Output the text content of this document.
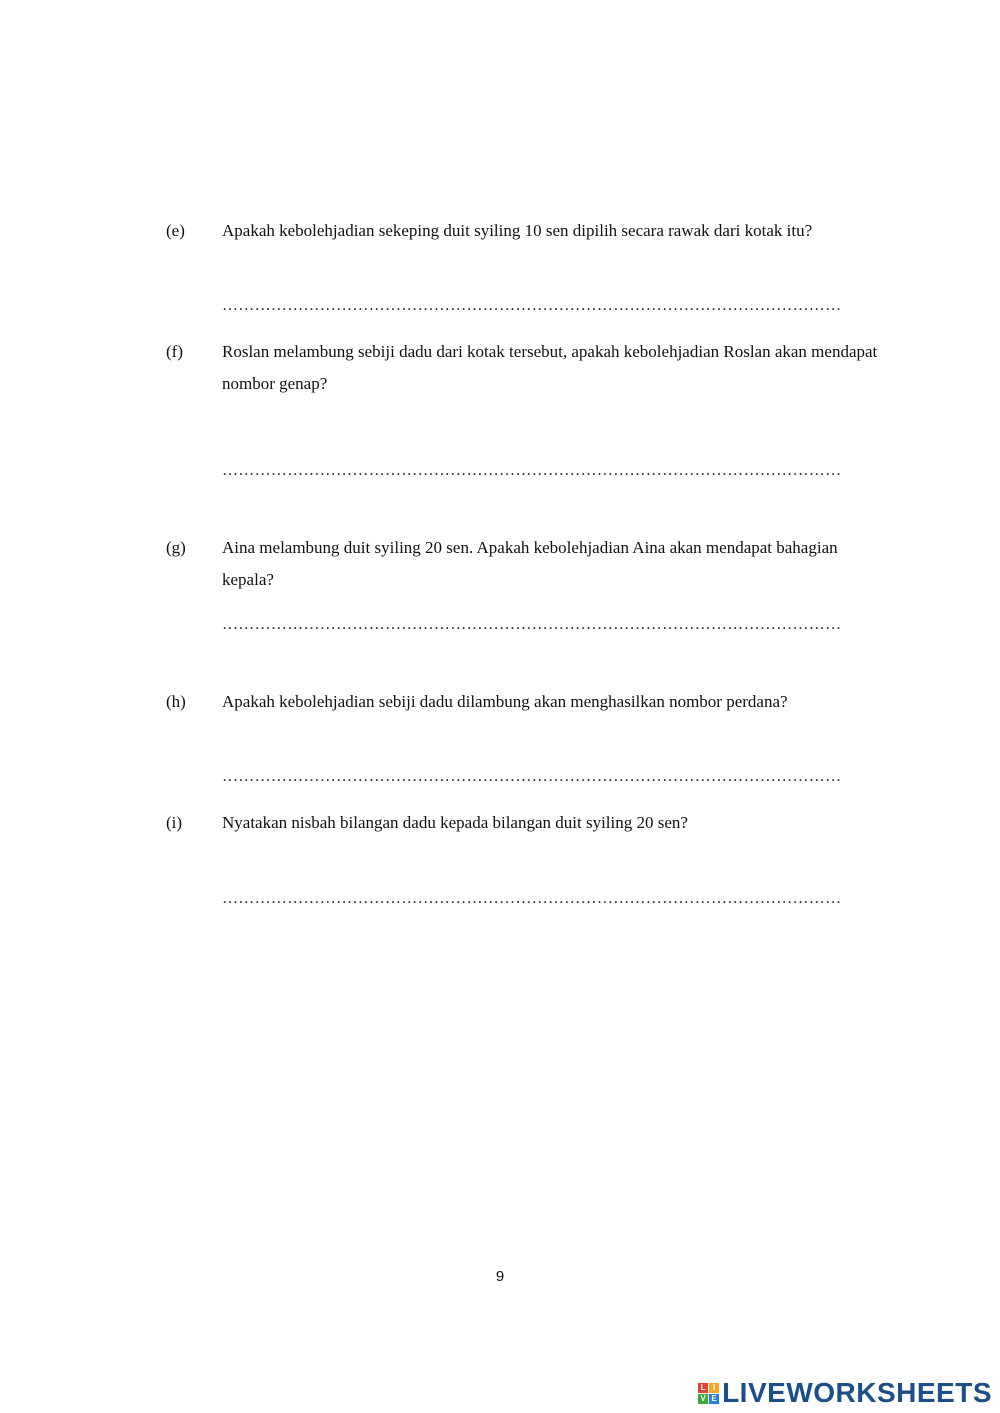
(e) Apakah kebolehjadian sekeping duit syiling 10 sen dipilih secara rawak dari kotak itu?
……………………………………………………………………………………………………
(f) Roslan melambung sebiji dadu dari kotak tersebut, apakah kebolehjadian Roslan akan mendapat nombor genap?
……………………………………………………………………………………………………
(g) Aina melambung duit syiling 20 sen. Apakah kebolehjadian Aina akan mendapat bahagian kepala?
……………………………………………………………………………………………………
(h) Apakah kebolehjadian sebiji dadu dilambung akan menghasilkan nombor perdana?
……………………………………………………………………………………………………
(i) Nyatakan nisbah bilangan dadu kepada bilangan duit syiling 20 sen?
……………………………………………………………………………………………………
9
L I
V E LIVEWORKSHEETS
